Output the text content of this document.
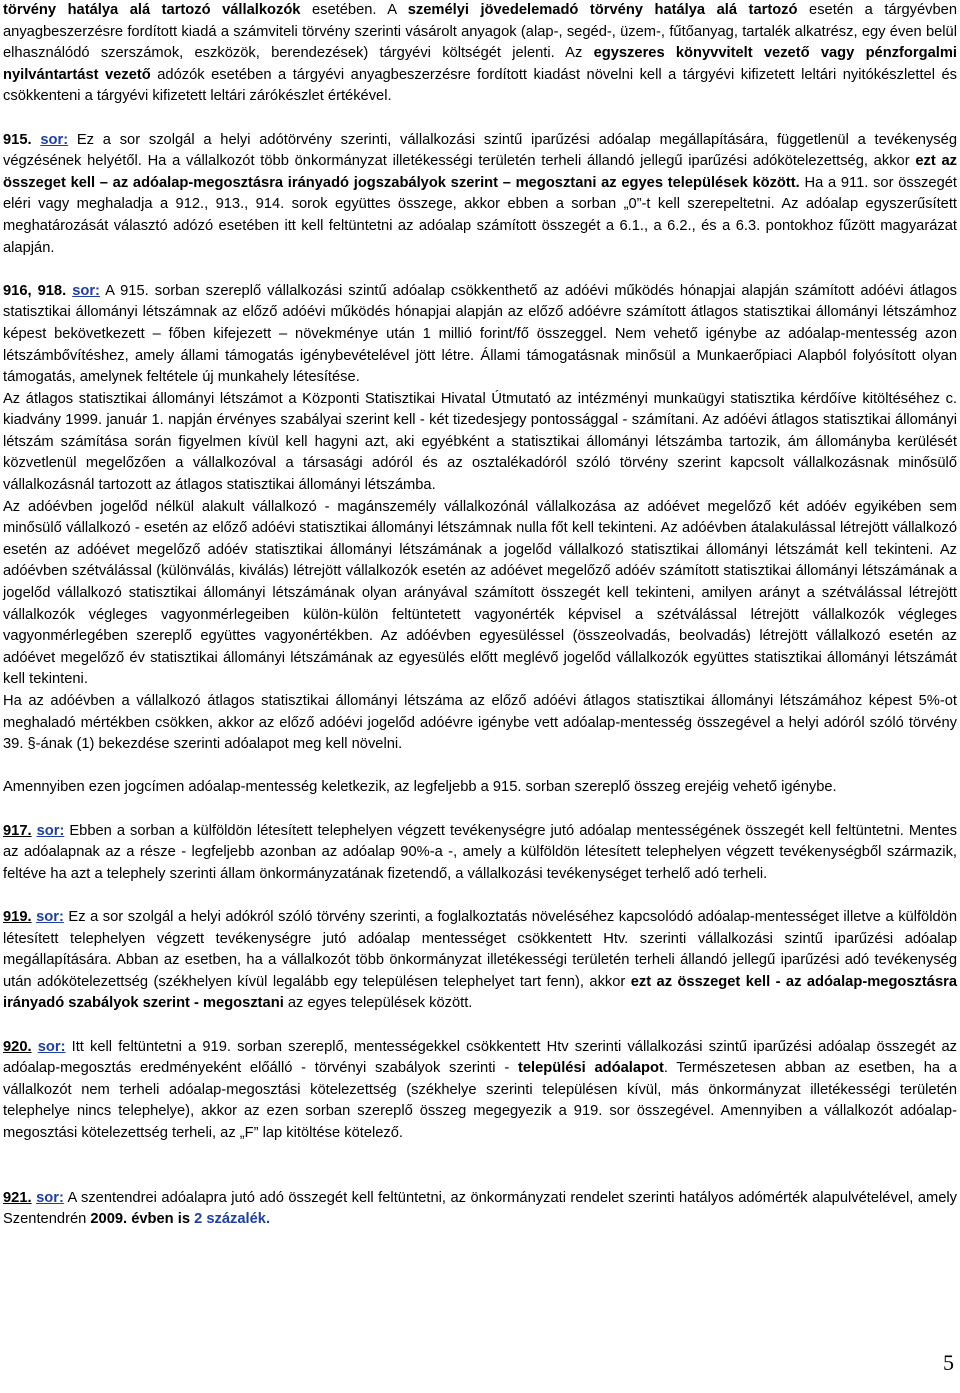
törvény hatálya alá tartozó vállalkozók esetében. A személyi jövedelemadó törvény hatálya alá tartozó esetén a tárgyévben anyagbeszerzésre fordított kiadá a számviteli törvény szerinti vásárolt anyagok (alap-, segéd-, üzem-, fűtőanyag, tartalék alkatrész, egy éven belül elhasználódó szerszámok, eszközök, berendezések) tárgyévi költségét jelenti. Az egyszeres könyvvitelt vezető vagy pénzforgalmi nyilvántartást vezető adózók esetében a tárgyévi anyagbeszerzésre fordított kiadást növelni kell a tárgyévi kifizetett leltári nyitókészlettel és csökkenteni a tárgyévi kifizetett leltári zárókészlet értékével.

915. sor: Ez a sor szolgál a helyi adótörvény szerinti, vállalkozási szintű iparűzési adóalap megállapítására, függetlenül a tevékenység végzésének helyétől. Ha a vállalkozót több önkormányzat illetékességi területén terheli állandó jellegű iparűzési adókötelezettség, akkor ezt az összeget kell – az adóalap-megosztásra irányadó jogszabályok szerint – megosztani az egyes települések között. Ha a 911. sor összegét eléri vagy meghaladja a 912., 913., 914. sorok együttes összege, akkor ebben a sorban „0”-t kell szerepeltetni. Az adóalap egyszerűsített meghatározását választó adózó esetében itt kell feltüntetni az adóalap számított összegét a 6.1., a 6.2., és a 6.3. pontokhoz fűzött magyarázat alapján.

916, 918. sor: A 915. sorban szereplő vállalkozási szintű adóalap csökkenthető az adóévi működés hónapjai alapján számított adóévi átlagos statisztikai állományi létszámnak az előző adóévi működés hónapjai alapján az előző adóévre számított átlagos statisztikai állományi létszámhoz képest bekövetkezett – főben kifejezett – növekménye után 1 millió forint/fő összeggel. Nem vehető igénybe az adóalap-mentesség azon létszámbővítéshez, amely állami támogatás igénybevételével jött létre. Állami támogatásnak minősül a Munkaerőpiaci Alapból folyósított olyan támogatás, amelynek feltétele új munkahely létesítése.

Az átlagos statisztikai állományi létszámot a Központi Statisztikai Hivatal Útmutató az intézményi munkaügyi statisztika kérdőíve kitöltéséhez c. kiadvány 1999. január 1. napján érvényes szabályai szerint kell - két tizedesjegy pontossággal - számítani. Az adóévi átlagos statisztikai állományi létszám számítása során figyelmen kívül kell hagyni azt, aki egyébként a statisztikai állományi létszámba tartozik, ám állományba kerülését közvetlenül megelőzően a vállalkozóval a társasági adóról és az osztalékadóról szóló törvény szerint kapcsolt vállalkozásnak minősülő vállalkozásnál tartozott az átlagos statisztikai állományi létszámba.

Az adóévben jogelőd nélkül alakult vállalkozó - magánszemély vállalkozónál vállalkozása az adóévet megelőző két adóév egyikében sem minősülő vállalkozó - esetén az előző adóévi statisztikai állományi létszámnak nulla főt kell tekinteni. Az adóévben átalakulással létrejött vállalkozó esetén az adóévet megelőző adóév statisztikai állományi létszámának a jogelőd vállalkozó statisztikai állományi létszámát kell tekinteni. Az adóévben szétválással (különválás, kiválás) létrejött vállalkozók esetén az adóévet megelőző adóév számított statisztikai állományi létszámának a jogelőd vállalkozó statisztikai állományi létszámának olyan arányával számított összegét kell tekinteni, amilyen arányt a szétválással létrejött vállalkozók végleges vagyonmérlegeiben külön-külön feltüntetett vagyonérték képvisel a szétválással létrejött vállalkozók végleges vagyonmérlegében szereplő együttes vagyonértékben. Az adóévben egyesüléssel (összeolvadás, beolvadás) létrejött vállalkozó esetén az adóévet megelőző év statisztikai állományi létszámának az egyesülés előtt meglévő jogelőd vállalkozók együttes statisztikai állományi létszámát kell tekinteni.

Ha az adóévben a vállalkozó átlagos statisztikai állományi létszáma az előző adóévi átlagos statisztikai állományi létszámához képest 5%-ot meghaladó mértékben csökken, akkor az előző adóévi jogelőd adóévre igénybe vett adóalap-mentesség összegével a helyi adóról szóló törvény 39. §-ának (1) bekezdése szerinti adóalapot meg kell növelni.

Amennyiben ezen jogcímen adóalap-mentesség keletkezik, az legfeljebb a 915. sorban szereplő összeg erejéig vehető igénybe.

917. sor: Ebben a sorban a külföldön létesített telephelyen végzett tevékenységre jutó adóalap mentességének összegét kell feltüntetni. Mentes az adóalapnak az a része - legfeljebb azonban az adóalap 90%-a -, amely a külföldön létesített telephelyen végzett tevékenységből származik, feltéve ha azt a telephely szerinti állam önkormányzatának fizetendő, a vállalkozási tevékenységet terhelő adó terheli.

919. sor: Ez a sor szolgál a helyi adókról szóló törvény szerinti, a foglalkoztatás növeléséhez kapcsolódó adóalap-mentességet illetve a külföldön létesített telephelyen végzett tevékenységre jutó adóalap mentességet csökkentett Htv. szerinti vállalkozási szintű iparűzési adóalap megállapítására. Abban az esetben, ha a vállalkozót több önkormányzat illetékességi területén terheli állandó jellegű iparűzési adó tevékenység után adókötelezettség (székhelyen kívül legalább egy településen telephelyet tart fenn), akkor ezt az összeget kell - az adóalap-megosztásra irányadó szabályok szerint - megosztani az egyes települések között.

920. sor: Itt kell feltüntetni a 919. sorban szereplő, mentességekkel csökkentett Htv szerinti vállalkozási szintű iparűzési adóalap összegét az adóalap-megosztás eredményeként előálló - törvényi szabályok szerinti - települési adóalapot. Természetesen abban az esetben, ha a vállalkozót nem terheli adóalap-megosztási kötelezettség (székhelye szerinti településen kívül, más önkormányzat illetékességi területén telephelye nincs telephelye), akkor az ezen sorban szereplő összeg megegyezik a 919. sor összegével. Amennyiben a vállalkozót adóalap-megosztási kötelezettség terheli, az „F” lap kitöltése kötelező.

921. sor: A szentendrei adóalapra jutó adó összegét kell feltüntetni, az önkormányzati rendelet szerinti hatályos adómérték alapulvételével, amely Szentendrén 2009. évben is 2 százalék.

5
